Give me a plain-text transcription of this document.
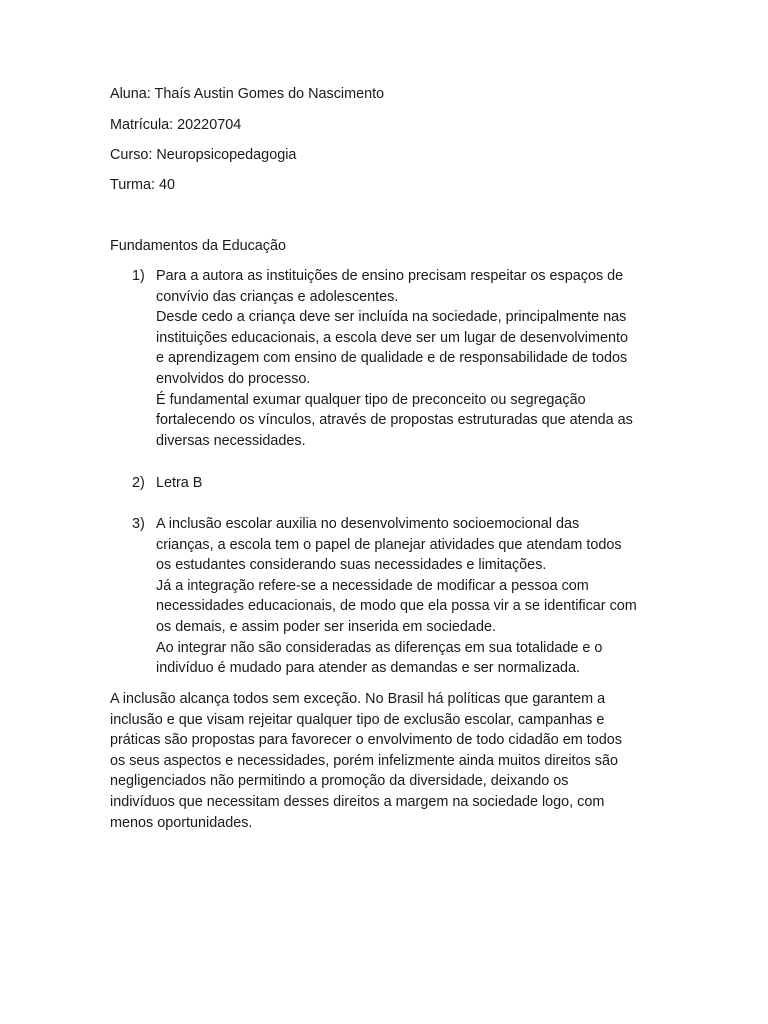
Aluna: Thaís Austin Gomes do Nascimento

Matrícula: 20220704

Curso: Neuropsicopedagogia

Turma: 40

Fundamentos da Educação

1) Para a autora as instituições de ensino precisam respeitar os espaços de
convívio das crianças e adolescentes.
Desde cedo a criança deve ser incluída na sociedade, principalmente nas
instituições educacionais, a escola deve ser um lugar de desenvolvimento
e aprendizagem com ensino de qualidade e de responsabilidade de todos
envolvidos do processo.
É fundamental exumar qualquer tipo de preconceito ou segregação
fortalecendo os vínculos, através de propostas estruturadas que atenda as
diversas necessidades.
2) Letra B
3) A inclusão escolar auxilia no desenvolvimento socioemocional das
crianças, a escola tem o papel de planejar atividades que atendam todos
os estudantes considerando suas necessidades e limitações.
Já a integração refere-se a necessidade de modificar a pessoa com
necessidades educacionais, de modo que ela possa vir a se identificar com
os demais, e assim poder ser inserida em sociedade.
Ao integrar não são consideradas as diferenças em sua totalidade e o
indivíduo é mudado para atender as demandas e ser normalizada.
A inclusão alcança todos sem exceção. No Brasil há políticas que garantem a
inclusão e que visam rejeitar qualquer tipo de exclusão escolar, campanhas e
práticas são propostas para favorecer o envolvimento de todo cidadão em todos
os seus aspectos e necessidades, porém infelizmente ainda muitos direitos são
negligenciados não permitindo a promoção da diversidade, deixando os
indivíduos que necessitam desses direitos a margem na sociedade logo, com
menos oportunidades.
